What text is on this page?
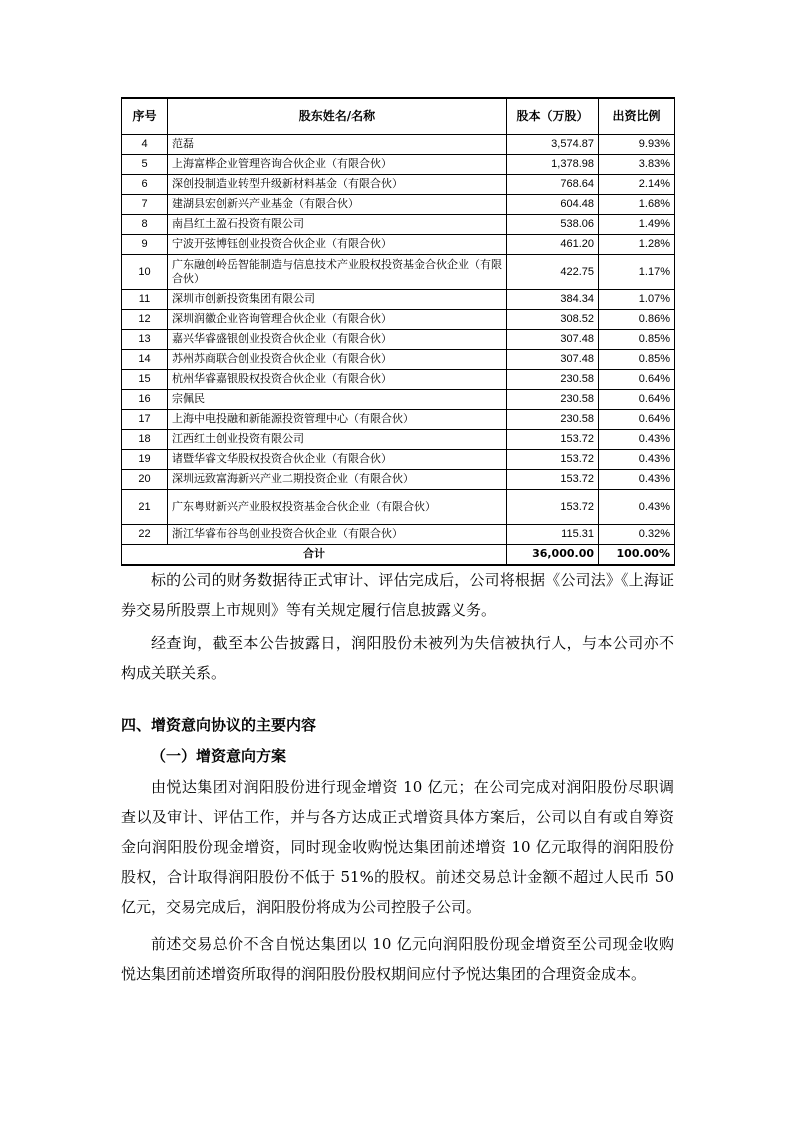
序号	股东姓名/名称	股本（万股）	出资比例
4	范磊	3,574.87	9.93%
5	上海富桦企业管理咨询合伙企业（有限合伙）	1,378.98	3.83%
6	深创投制造业转型升级新材料基金（有限合伙）	768.64	2.14%
7	建湖县宏创新兴产业基金（有限合伙）	604.48	1.68%
8	南昌红土盈石投资有限公司	538.06	1.49%
9	宁波开弦博钰创业投资合伙企业（有限合伙）	461.20	1.28%
10	广东融创岭岳智能制造与信息技术产业股权投资基金合伙企业（有限合伙）	422.75	1.17%
11	深圳市创新投资集团有限公司	384.34	1.07%
12	深圳润徽企业咨询管理合伙企业（有限合伙）	308.52	0.86%
13	嘉兴华睿盛银创业投资合伙企业（有限合伙）	307.48	0.85%
14	苏州苏商联合创业投资合伙企业（有限合伙）	307.48	0.85%
15	杭州华睿嘉银股权投资合伙企业（有限合伙）	230.58	0.64%
16	宗佩民	230.58	0.64%
17	上海中电投融和新能源投资管理中心（有限合伙）	230.58	0.64%
18	江西红土创业投资有限公司	153.72	0.43%
19	诸暨华睿文华股权投资合伙企业（有限合伙）	153.72	0.43%
20	深圳远致富海新兴产业二期投资企业（有限合伙）	153.72	0.43%
21	广东粤财新兴产业股权投资基金合伙企业（有限合伙）	153.72	0.43%
22	浙江华睿布谷鸟创业投资合伙企业（有限合伙）	115.31	0.32%
合计		36,000.00	100.00%

标的公司的财务数据待正式审计、评估完成后，公司将根据《公司法》《上海证券交易所股票上市规则》等有关规定履行信息披露义务。

经查询，截至本公告披露日，润阳股份未被列为失信被执行人，与本公司亦不构成关联关系。

四、增资意向协议的主要内容

（一）增资意向方案

由悦达集团对润阳股份进行现金增资 10 亿元；在公司完成对润阳股份尽职调查以及审计、评估工作，并与各方达成正式增资具体方案后，公司以自有或自筹资金向润阳股份现金增资，同时现金收购悦达集团前述增资 10 亿元取得的润阳股份股权，合计取得润阳股份不低于 51%的股权。前述交易总计金额不超过人民币 50 亿元，交易完成后，润阳股份将成为公司控股子公司。

前述交易总价不含自悦达集团以 10 亿元向润阳股份现金增资至公司现金收购悦达集团前述增资所取得的润阳股份股权期间应付予悦达集团的合理资金成本。
